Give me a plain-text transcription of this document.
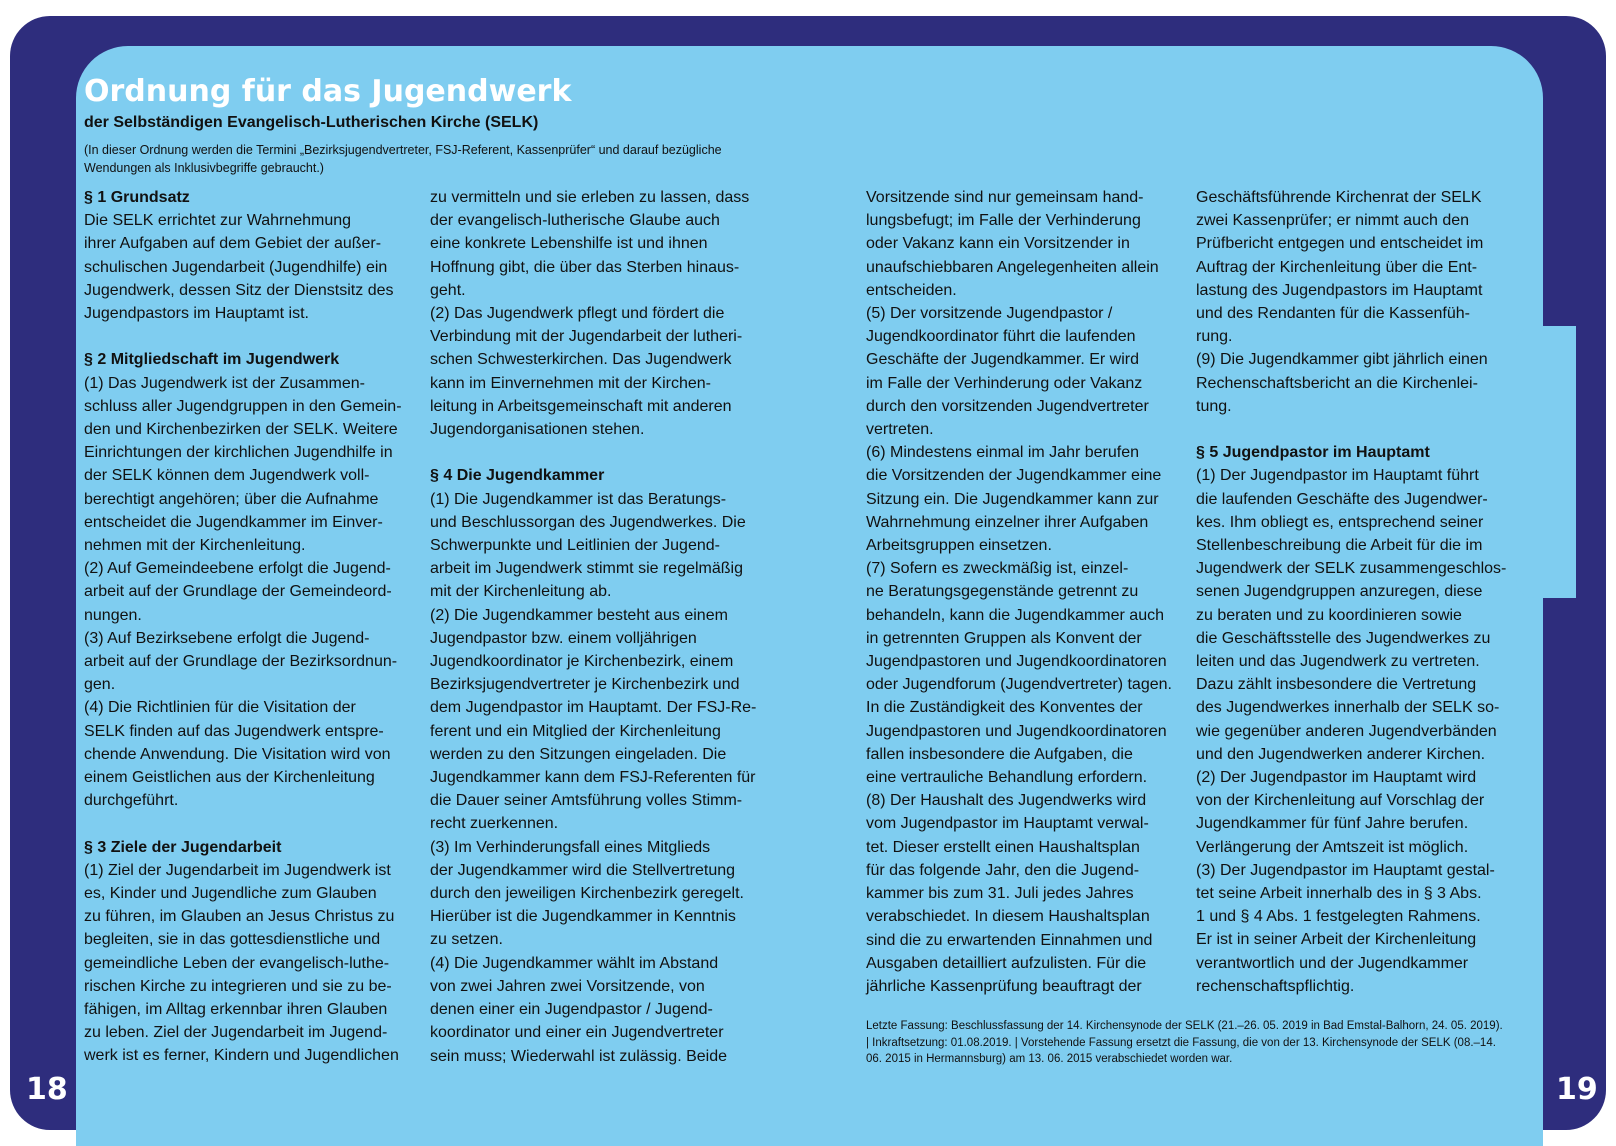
Ordnung für das Jugendwerk
der Selbständigen Evangelisch-Lutherischen Kirche (SELK)
(In dieser Ordnung werden die Termini „Bezirksjugendvertreter, FSJ-Referent, Kassenprüfer“ und darauf bezügliche Wendungen als Inklusivbegriffe gebraucht.)
§ 1 Grundsatz
Die SELK errichtet zur Wahrnehmung
ihrer Aufgaben auf dem Gebiet der außer-
schulischen Jugendarbeit (Jugendhilfe) ein
Jugendwerk, dessen Sitz der Dienstsitz des
Jugendpastors im Hauptamt ist.
§ 2 Mitgliedschaft im Jugendwerk
(1) Das Jugendwerk ist der Zusammen-
schluss aller Jugendgruppen in den Gemein-
den und Kirchenbezirken der SELK. Weitere
Einrichtungen der kirchlichen Jugendhilfe in
der SELK können dem Jugendwerk voll-
berechtigt angehören; über die Aufnahme
entscheidet die Jugendkammer im Einver-
nehmen mit der Kirchenleitung.
(2) Auf Gemeindeebene erfolgt die Jugend-
arbeit auf der Grundlage der Gemeindeord-
nungen.
(3) Auf Bezirksebene erfolgt die Jugend-
arbeit auf der Grundlage der Bezirksordnun-
gen.
(4) Die Richtlinien für die Visitation der
SELK finden auf das Jugendwerk entspre-
chende Anwendung. Die Visitation wird von
einem Geistlichen aus der Kirchenleitung
durchgeführt.
§ 3 Ziele der Jugendarbeit
(1) Ziel der Jugendarbeit im Jugendwerk ist
es, Kinder und Jugendliche zum Glauben
zu führen, im Glauben an Jesus Christus zu
begleiten, sie in das gottesdienstliche und
gemeindliche Leben der evangelisch-luthe-
rischen Kirche zu integrieren und sie zu be-
fähigen, im Alltag erkennbar ihren Glauben
zu leben. Ziel der Jugendarbeit im Jugend-
werk ist es ferner, Kindern und Jugendlichen
zu vermitteln und sie erleben zu lassen, dass
der evangelisch-lutherische Glaube auch
eine konkrete Lebenshilfe ist und ihnen
Hoffnung gibt, die über das Sterben hinaus-
geht.
(2) Das Jugendwerk pflegt und fördert die
Verbindung mit der Jugendarbeit der lutheri-
schen Schwesterkirchen. Das Jugendwerk
kann im Einvernehmen mit der Kirchen-
leitung in Arbeitsgemeinschaft mit anderen
Jugendorganisationen stehen.
§ 4 Die Jugendkammer
(1) Die Jugendkammer ist das Beratungs-
und Beschlussorgan des Jugendwerkes. Die
Schwerpunkte und Leitlinien der Jugend-
arbeit im Jugendwerk stimmt sie regelmäßig
mit der Kirchenleitung ab.
(2) Die Jugendkammer besteht aus einem
Jugendpastor bzw. einem volljährigen
Jugendkoordinator je Kirchenbezirk, einem
Bezirksjugendvertreter je Kirchenbezirk und
dem Jugendpastor im Hauptamt. Der FSJ-Re-
ferent und ein Mitglied der Kirchenleitung
werden zu den Sitzungen eingeladen. Die
Jugendkammer kann dem FSJ-Referenten für
die Dauer seiner Amtsführung volles Stimm-
recht zuerkennen.
(3) Im Verhinderungsfall eines Mitglieds
der Jugendkammer wird die Stellvertretung
durch den jeweiligen Kirchenbezirk geregelt.
Hierüber ist die Jugendkammer in Kenntnis
zu setzen.
(4) Die Jugendkammer wählt im Abstand
von zwei Jahren zwei Vorsitzende, von
denen einer ein Jugendpastor / Jugend-
koordinator und einer ein Jugendvertreter
sein muss; Wiederwahl ist zulässig. Beide
Vorsitzende sind nur gemeinsam hand-
lungsbefugt; im Falle der Verhinderung
oder Vakanz kann ein Vorsitzender in
unaufschiebbaren Angelegenheiten allein
entscheiden.
(5) Der vorsitzende Jugendpastor /
Jugendkoordinator führt die laufenden
Geschäfte der Jugendkammer. Er wird
im Falle der Verhinderung oder Vakanz
durch den vorsitzenden Jugendvertreter
vertreten.
(6) Mindestens einmal im Jahr berufen
die Vorsitzenden der Jugendkammer eine
Sitzung ein. Die Jugendkammer kann zur
Wahrnehmung einzelner ihrer Aufgaben
Arbeitsgruppen einsetzen.
(7) Sofern es zweckmäßig ist, einzel-
ne Beratungsgegenstände getrennt zu
behandeln, kann die Jugendkammer auch
in getrennten Gruppen als Konvent der
Jugendpastoren und Jugendkoordinatoren
oder Jugendforum (Jugendvertreter) tagen.
In die Zuständigkeit des Konventes der
Jugendpastoren und Jugendkoordinatoren
fallen insbesondere die Aufgaben, die
eine vertrauliche Behandlung erfordern.
(8) Der Haushalt des Jugendwerks wird
vom Jugendpastor im Hauptamt verwal-
tet. Dieser erstellt einen Haushaltsplan
für das folgende Jahr, den die Jugend-
kammer bis zum 31. Juli jedes Jahres
verabschiedet. In diesem Haushaltsplan
sind die zu erwartenden Einnahmen und
Ausgaben detailliert aufzulisten. Für die
jährliche Kassenprüfung beauftragt der
Geschäftsführende Kirchenrat der SELK
zwei Kassenprüfer; er nimmt auch den
Prüfbericht entgegen und entscheidet im
Auftrag der Kirchenleitung über die Ent-
lastung des Jugendpastors im Hauptamt
und des Rendanten für die Kassenfüh-
rung.
(9) Die Jugendkammer gibt jährlich einen
Rechenschaftsbericht an die Kirchenlei-
tung.
§ 5 Jugendpastor im Hauptamt
(1) Der Jugendpastor im Hauptamt führt
die laufenden Geschäfte des Jugendwer-
kes. Ihm obliegt es, entsprechend seiner
Stellenbeschreibung die Arbeit für die im
Jugendwerk der SELK zusammengeschlos-
senen Jugendgruppen anzuregen, diese
zu beraten und zu koordinieren sowie
die Geschäftsstelle des Jugendwerkes zu
leiten und das Jugendwerk zu vertreten.
Dazu zählt insbesondere die Vertretung
des Jugendwerkes innerhalb der SELK so-
wie gegenüber anderen Jugendverbänden
und den Jugendwerken anderer Kirchen.
(2) Der Jugendpastor im Hauptamt wird
von der Kirchenleitung auf Vorschlag der
Jugendkammer für fünf Jahre berufen.
Verlängerung der Amtszeit ist möglich.
(3) Der Jugendpastor im Hauptamt gestal-
tet seine Arbeit innerhalb des in § 3 Abs.
1 und § 4 Abs. 1 festgelegten Rahmens.
Er ist in seiner Arbeit der Kirchenleitung
verantwortlich und der Jugendkammer
rechenschaftspflichtig.
Letzte Fassung: Beschlussfassung der 14. Kirchensynode der SELK (21.–26. 05. 2019 in Bad Emstal-Balhorn, 24. 05. 2019). | Inkraftsetzung: 01.08.2019. | Vorstehende Fassung ersetzt die Fassung, die von der 13. Kirchensynode der SELK (08.–14. 06. 2015 in Hermannsburg) am 13. 06. 2015 verabschiedet worden war.
18	19
